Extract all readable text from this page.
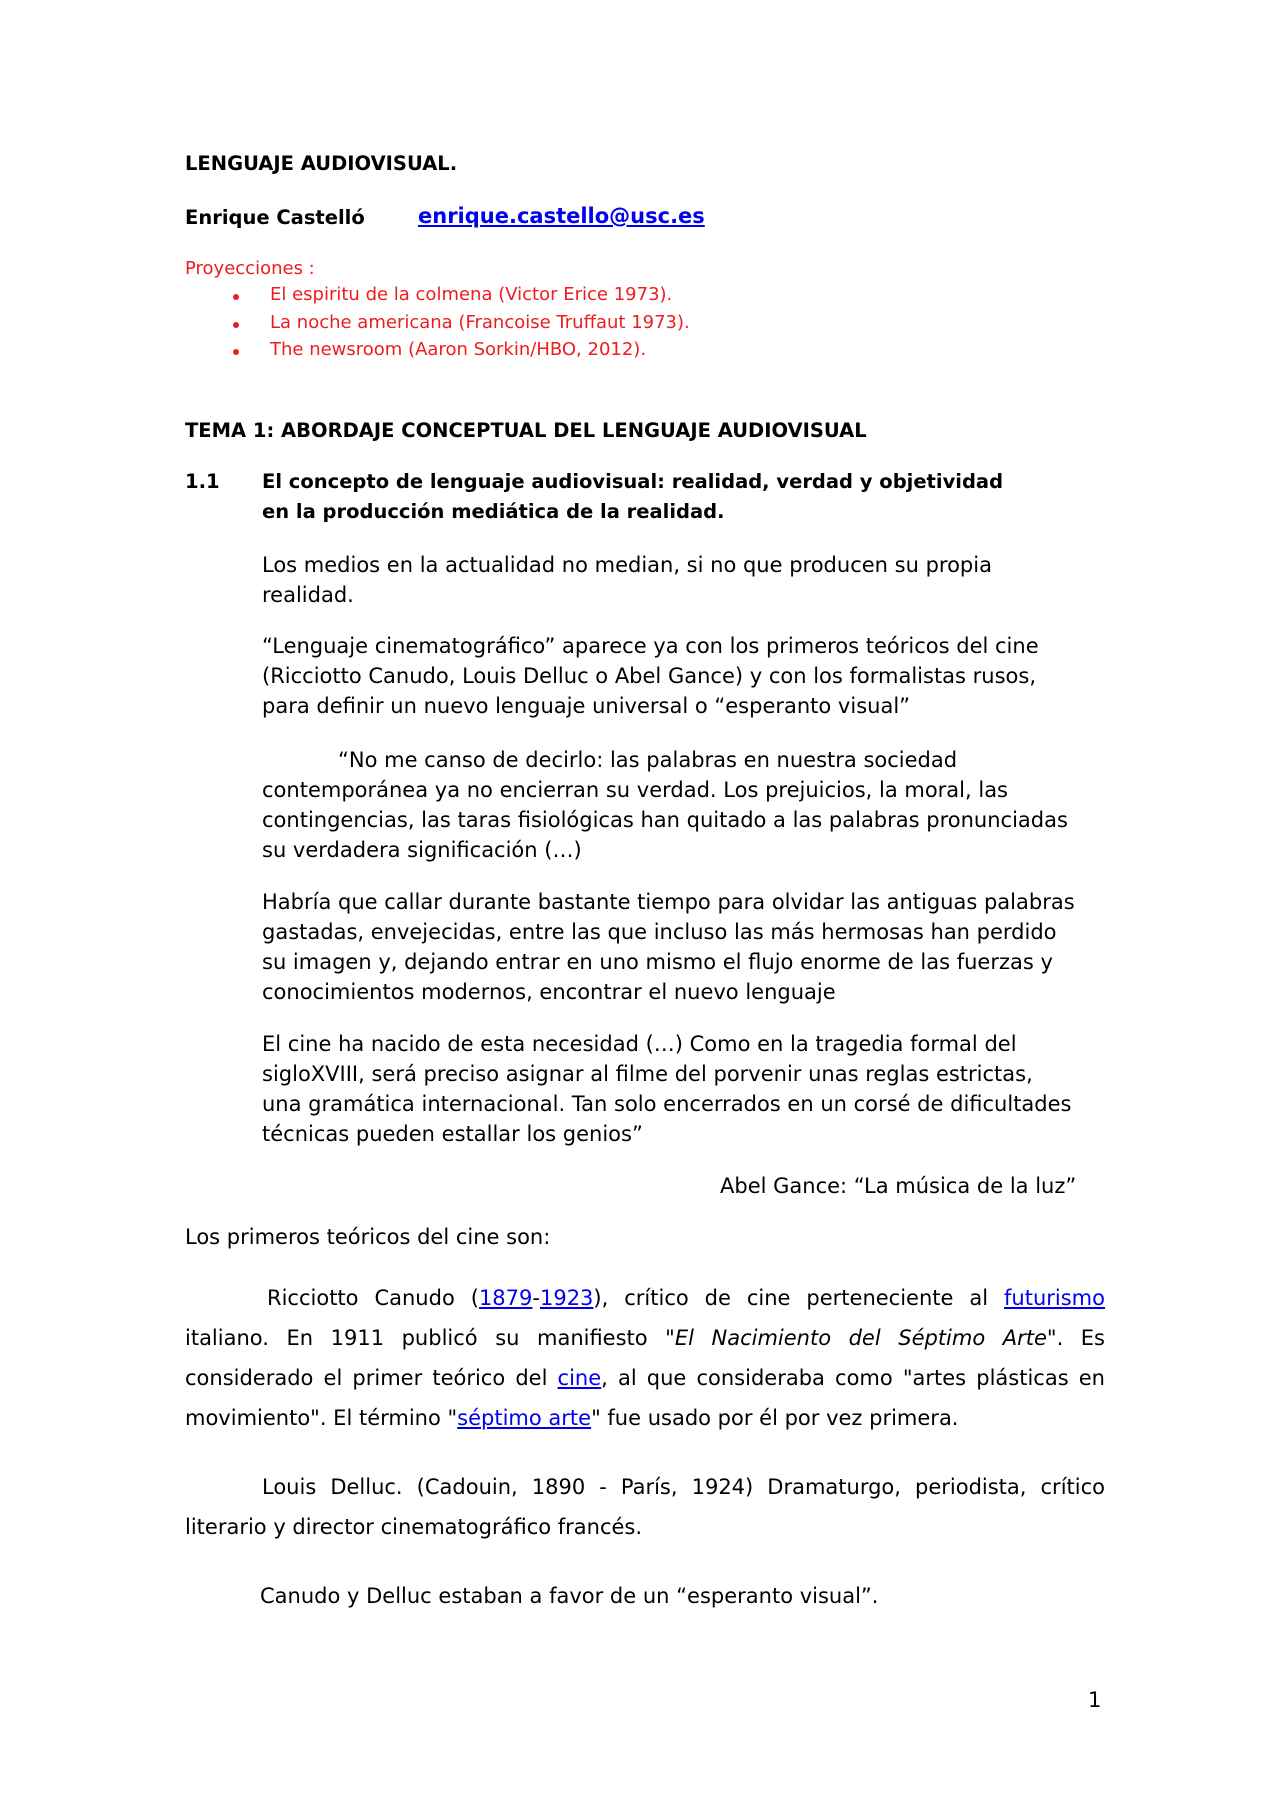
LENGUAJE AUDIOVISUAL.
Enrique Castelló	enrique.castello@usc.es
Proyecciones :
El espiritu de la colmena (Victor Erice 1973).
La noche americana (Francoise Truffaut 1973).
The newsroom (Aaron Sorkin/HBO, 2012).
TEMA 1: ABORDAJE CONCEPTUAL DEL LENGUAJE AUDIOVISUAL
1.1 El concepto de lenguaje audiovisual: realidad, verdad y objetividad
en la producción mediática de la realidad.
Los medios en la actualidad no median, si no que producen su propia
realidad.
“Lenguaje cinematográfico” aparece ya con los primeros teóricos del cine
(Ricciotto Canudo, Louis Delluc o Abel Gance) y con los formalistas rusos,
para definir un nuevo lenguaje universal o “esperanto visual”
“No me canso de decirlo: las palabras en nuestra sociedad
contemporánea ya no encierran su verdad. Los prejuicios, la moral, las
contingencias, las taras fisiológicas han quitado a las palabras pronunciadas
su verdadera significación (…)
Habría que callar durante bastante tiempo para olvidar las antiguas palabras
gastadas, envejecidas, entre las que incluso las más hermosas han perdido
su imagen y, dejando entrar en uno mismo el flujo enorme de las fuerzas y
conocimientos modernos, encontrar el nuevo lenguaje
El cine ha nacido de esta necesidad (…) Como en la tragedia formal del
sigloXVIII, será preciso asignar al filme del porvenir unas reglas estrictas,
una gramática internacional. Tan solo encerrados en un corsé de dificultades
técnicas pueden estallar los genios”
Abel Gance: “La música de la luz”
Los primeros teóricos del cine son:
Ricciotto Canudo (1879-1923), crítico de cine perteneciente al futurismo
italiano. En 1911 publicó su manifiesto "El Nacimiento del Séptimo Arte". Es
considerado el primer teórico del cine, al que consideraba como "artes plásticas en
movimiento". El término "séptimo arte" fue usado por él por vez primera.
Louis Delluc. (Cadouin, 1890 - París, 1924) Dramaturgo, periodista, crítico
literario y director cinematográfico francés.
Canudo y Delluc estaban a favor de un “esperanto visual”.
1
